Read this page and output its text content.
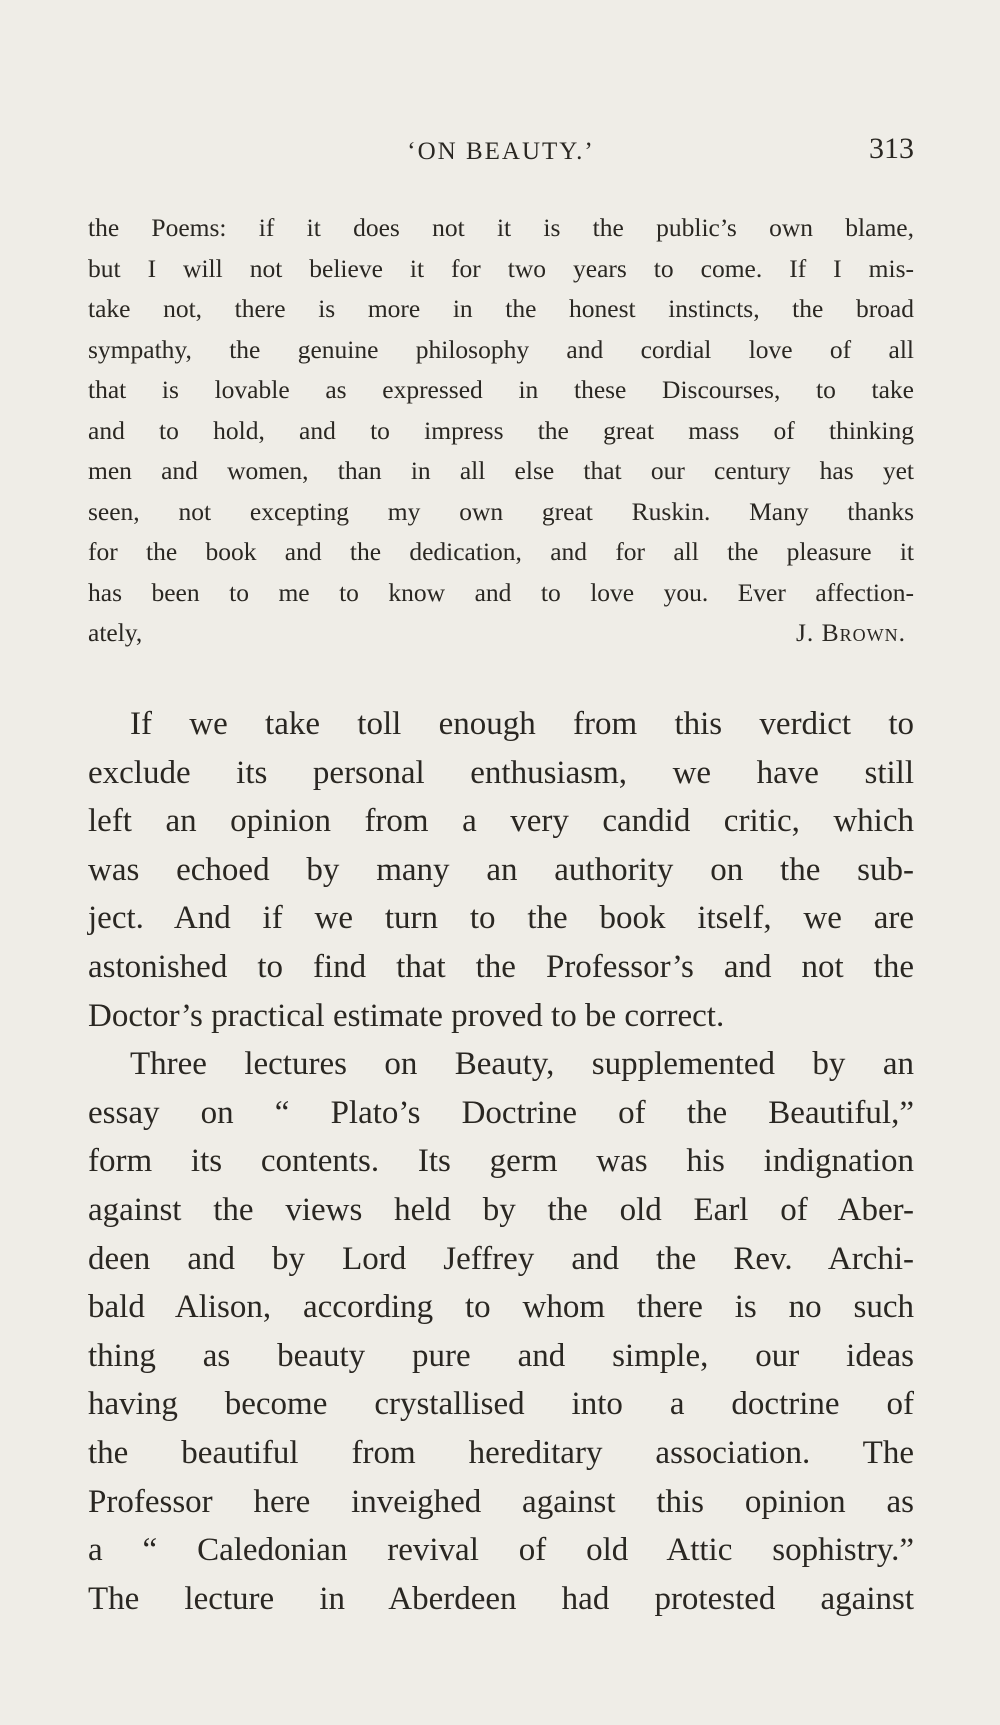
‘ON BEAUTY.’	313
the Poems: if it does not it is the public’s own blame,
but I will not believe it for two years to come. If I mis-
take not, there is more in the honest instincts, the broad
sympathy, the genuine philosophy and cordial love of all
that is lovable as expressed in these Discourses, to take
and to hold, and to impress the great mass of thinking
men and women, than in all else that our century has yet
seen, not excepting my own great Ruskin. Many thanks
for the book and the dedication, and for all the pleasure it
has been to me to know and to love you. Ever affection-
ately,	J. Brown.
If we take toll enough from this verdict to
exclude its personal enthusiasm, we have still
left an opinion from a very candid critic, which
was echoed by many an authority on the sub-
ject. And if we turn to the book itself, we are
astonished to find that the Professor’s and not the
Doctor’s practical estimate proved to be correct.
Three lectures on Beauty, supplemented by an
essay on “ Plato’s Doctrine of the Beautiful,”
form its contents. Its germ was his indignation
against the views held by the old Earl of Aber-
deen and by Lord Jeffrey and the Rev. Archi-
bald Alison, according to whom there is no such
thing as beauty pure and simple, our ideas
having become crystallised into a doctrine of
the beautiful from hereditary association. The
Professor here inveighed against this opinion as
a “ Caledonian revival of old Attic sophistry.”
The lecture in Aberdeen had protested against
